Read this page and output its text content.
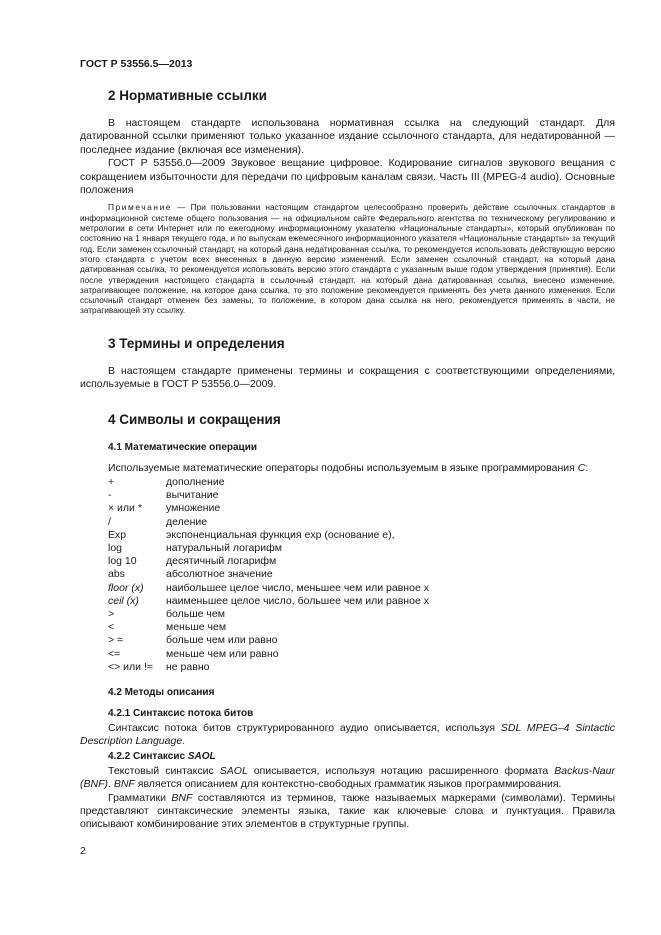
ГОСТ Р 53556.5—2013
2 Нормативные ссылки

В настоящем стандарте использована нормативная ссылка на следующий стандарт. Для датированной ссылки применяют только указанное издание ссылочного стандарта, для недатированной — последнее издание (включая все изменения).

ГОСТ Р 53556.0—2009 Звуковое вещание цифровое. Кодирование сигналов звукового вещания с сокращением избыточности для передачи по цифровым каналам связи. Часть III (MPEG-4 audio). Основные положения

Примечание — При пользовании настоящим стандартом целесообразно проверить действие ссылочных стандартов в информационной системе общего пользования — на официальном сайте Федерального агентства по техническому регулированию и метрологии в сети Интернет или по ежегодному информационному указателю «Национальные стандарты», который опубликован по состоянию на 1 января текущего года, и по выпускам ежемесячного информационного указателя «Национальные стандарты» за текущий год. Если заменен ссылочный стандарт, на который дана недатированная ссылка, то рекомендуется использовать действующую версию этого стандарта с учетом всех внесенных в данную версию изменений. Если заменен ссылочный стандарт, на который дана датированная ссылка, то рекомендуется использовать версию этого стандарта с указанным выше годом утверждения (принятия). Если после утверждения настоящего стандарта в ссылочный стандарт, на который дана датированная ссылка, внесено изменение, затрагивающее положение, на которое дана ссылка, то это положение рекомендуется применять без учета данного изменения. Если ссылочный стандарт отменен без замены, то положение, в котором дана ссылка на него, рекомендуется применять в части, не затрагивающей эту ссылку.
3 Термины и определения

В настоящем стандарте применены термины и сокращения с соответствующими определениями, используемые в ГОСТ Р 53556.0—2009.

4 Символы и сокращения
4.1 Математические операции

Используемые математические операторы подобны используемым в языке программирования C:

+	дополнение
-	вычитание
× или *	умножение
/	деление
Exp	экспоненциальная функция exp (основание e),
log	натуральный логарифм
log 10	десятичный логарифм
abs	абсолютное значение
floor (x)	наибольшее целое число, меньшее чем или равное x
ceil (x)	наименьшее целое число, большее чем или равное x
>	больше чем
<	меньше чем
> =	больше чем или равно
<=	меньше чем или равно
<> или !=	не равно
4.2 Методы описания
4.2.1 Синтаксис потока битов

Синтаксис потока битов структурированного аудио описывается, используя SDL MPEG–4 Sintactic Description Language.

4.2.2 Синтаксис SAOL

Текстовый синтаксис SAOL описывается, используя нотацию расширенного формата Backus-Naur (BNF). BNF является описанием для контекстно-свободных грамматик языков программирования.

Грамматики BNF составляются из терминов, также называемых маркерами (символами). Термины представляют синтаксические элементы языка, такие как ключевые слова и пунктуация. Правила описывают комбинирование этих элементов в структурные группы.

2
